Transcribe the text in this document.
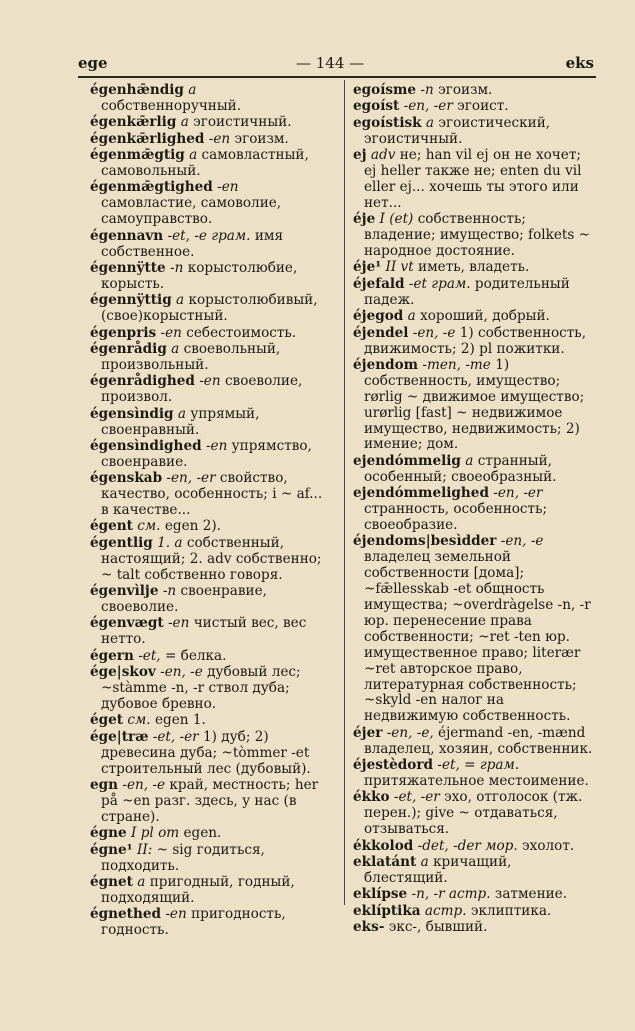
ege	— 144 —	eks
égenhǣndig a собственноручный.
égenkǣrlig a эгоистичный.
égenkǣrlighed -en эгоизм.
égenmǣgtig a самовластный, самовольный.
égenmǣgtighed -en самовластие, самоволие, самоуправство.
égennavn -et, -e грам. имя собственное.
égennÿtte -n корыстолюбие, корысть.
égennÿttig a корыстолюбивый, (свое)корыстный.
égenpris -en себестоимость.
égenrådig a своевольный, произвольный.
égenrådighed -en своеволие, произвол.
égensìndig a упрямый, своенравный.
égensìndighed -en упрямство, своенравие.
égenskab -en, -er свойство, качество, особенность; i ~ af... в качестве...
égent см. egen 2).
égentlig 1. a собственный, настоящий; 2. adv собственно; ~ talt собственно говоря.
égenvìlje -n своенравие, своеволие.
égenvægt -en чистый вес, вес нетто.
égern -et, = белка.
ége|skov -en, -e дубовый лес; ~stàmme -n, -r ствол дуба; дубовое бревно.
éget см. egen 1.
ége|træ -et, -er 1) дуб; 2) древесина дуба; ~tòmmer -et строительный лес (дубовый).
egn -en, -e край, местность; her på ~en разг. здесь, у нас (в стране).
égne I pl om egen.
égne¹ II: ~ sig годиться, подходить.
égnet a пригодный, годный, подходящий.
égnethed -en пригодность, годность.
egoísme -n эгоизм.
egoíst -en, -er эгоист.
egoístisk a эгоистический, эгоистичный.
ej adv не; han vil ej он не хочет; ej heller также не; enten du vil eller ej... хочешь ты этого или нет...
éje I (et) собственность; владение; имущество; folkets ~ народное достояние.
éje¹ II vt иметь, владеть.
éjefald -et грам. родительный падеж.
éjegod a хороший, добрый.
éjendel -en, -e 1) собственность, движимость; 2) pl пожитки.
éjendom -men, -me 1) собственность, имущество; rørlig ~ движимое имущество; urørlig [fast] ~ недвижимое имущество, недвижимость; 2) имение; дом.
ejendómmelig a странный, особенный; своеобразный.
ejendómmelighed -en, -er странность, особенность; своеобразие.
éjendoms|besìdder -en, -e владелец земельной собственности [дома]; ~fǣllesskab -et общность имущества; ~overdràgelse -n, -r юр. перенесение права собственности; ~ret -ten юр. имущественное право; literær ~ret авторское право, литературная собственность; ~skyld -en налог на недвижимую собственность.
éjer -en, -e, éjermand -en, -mænd владелец, хозяин, собственник.
éjestèdord -et, = грам. притяжательное местоимение.
ékko -et, -er эхо, отголосок (тж. перен.); give ~ отдаваться, отзываться.
ékkolod -det, -der мор. эхолот.
eklatánt a кричащий, блестящий.
eklípse -n, -r астр. затмение.
eklíptika астр. эклиптика.
eks- экс-, бывший.
